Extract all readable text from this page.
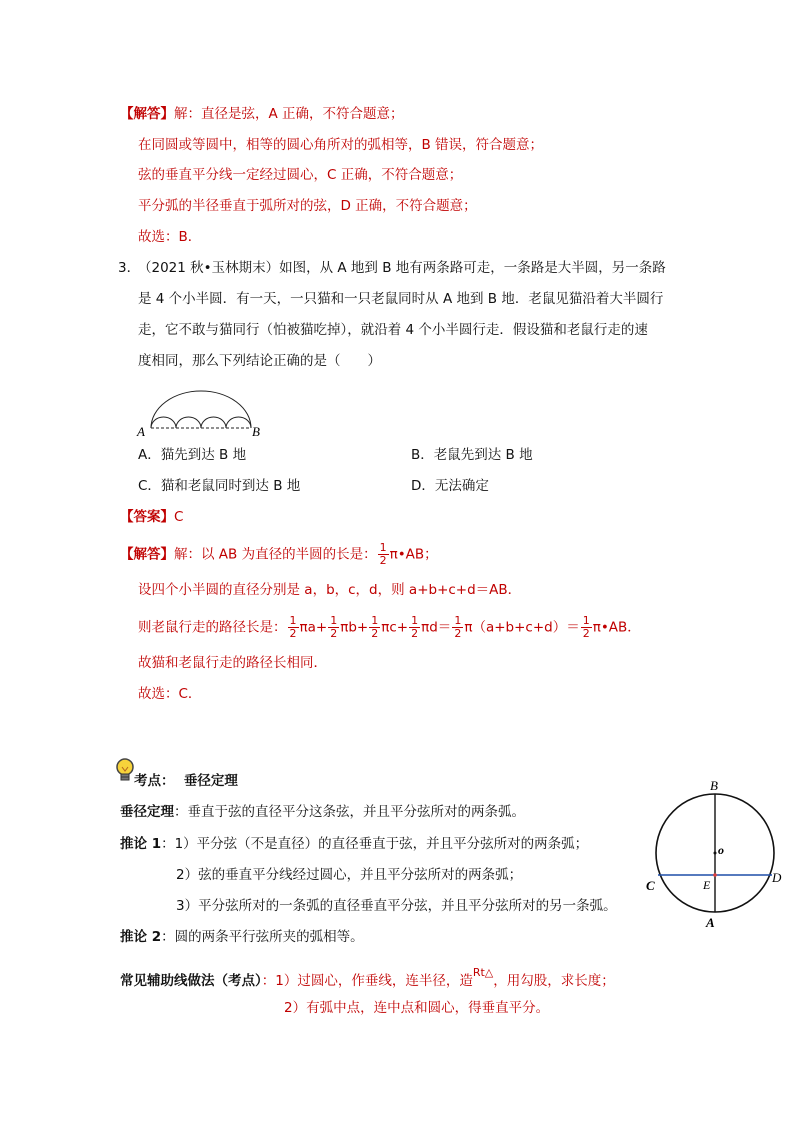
【解答】解：直径是弦，A 正确，不符合题意；
在同圆或等圆中，相等的圆心角所对的弧相等，B 错误，符合题意；
弦的垂直平分线一定经过圆心，C 正确，不符合题意；
平分弧的半径垂直于弧所对的弦，D 正确，不符合题意；
故选：B．
3．
（2021 秋•玉林期末）如图，从 A 地到 B 地有两条路可走，一条路是大半圆，另一条路
是 4 个小半圆．有一天，一只猫和一只老鼠同时从 A 地到 B 地．老鼠见猫沿着大半圆行
走，它不敢与猫同行（怕被猫吃掉），就沿着 4 个小半圆行走．假设猫和老鼠行走的速
度相同，那么下列结论正确的是（　　）
A	B
A．猫先到达 B 地	B．老鼠先到达 B 地
C．猫和老鼠同时到达 B 地	D．无法确定
【答案】C
【解答】解：以 AB 为直径的半圆的长是： $\frac{1}{2}$ π•AB；
设四个小半圆的直径分别是 a，b，c，d，则 a+b+c+d＝AB．
则老鼠行走的路径长是： $\frac{1}{2} \pi a+ \frac{1}{2} \pi b+ \frac{1}{2} \pi c+ \frac{1}{2} \pi d= \frac{1}{2} \pi(a+b+c+d)= \frac{1}{2}$ π•AB．
故猫和老鼠行走的路径长相同．
故选：C．
考点： 垂径定理
垂径定理：垂直于弦的直径平分这条弦，并且平分弦所对的两条弧。
推论 1：1）平分弦（不是直径）的直径垂直于弦，并且平分弦所对的两条弧；
2）弦的垂直平分线经过圆心，并且平分弦所对的两条弧；
3）平分弦所对的一条弧的直径垂直平分弦，并且平分弦所对的另一条弧。
推论 2：圆的两条平行弦所夹的弧相等。
常见辅助线做法（考点）：1）过圆心，作垂线，连半径，造$^{Rt\triangle}$，用勾股，求长度；
2）有弧中点，连中点和圆心，得垂直平分。
B
o
C	E	D
A
